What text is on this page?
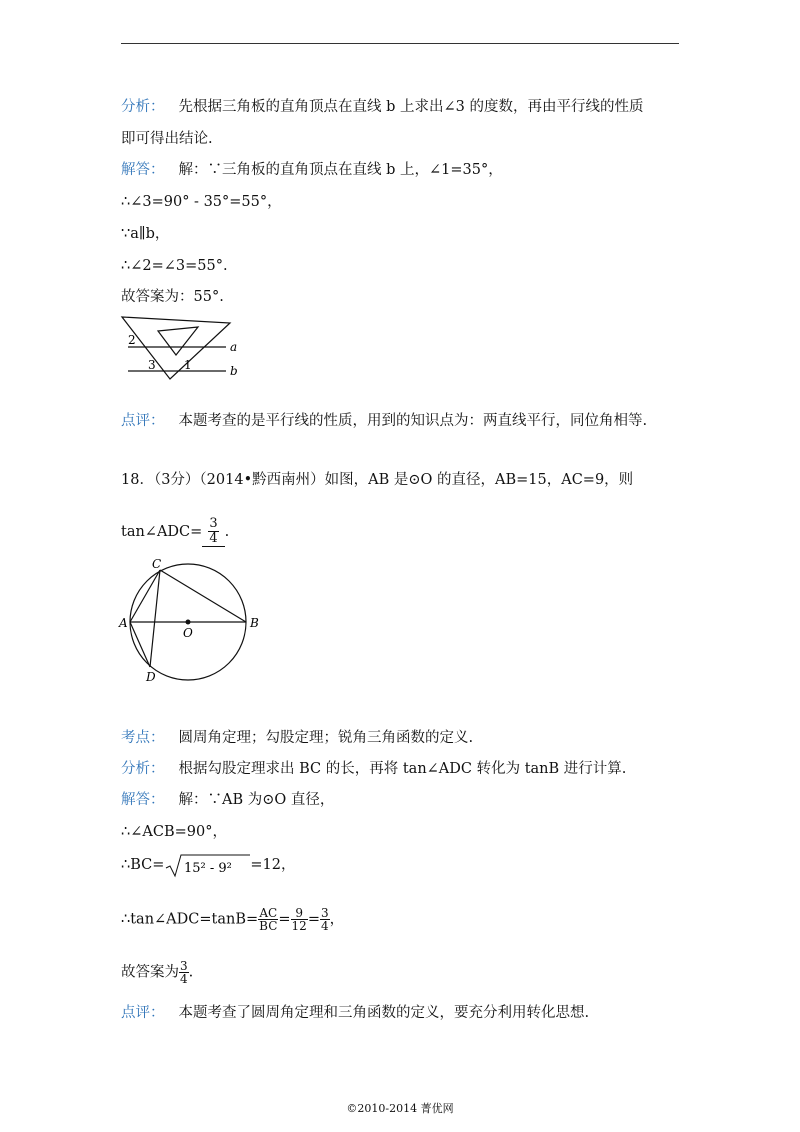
分析： 先根据三角板的直角顶点在直线 b 上求出∠3 的度数，再由平行线的性质
即可得出结论.
解答： 解：∵三角板的直角顶点在直线 b 上，∠1=35°，
∴∠3=90° - 35°=55°，
∵a∥b，
∴∠2=∠3=55°.
故答案为：55°.
2
3 1
a
b
点评： 本题考查的是平行线的性质，用到的知识点为：两直线平行，同位角相等.
18．（3分）（2014•黔西南州）如图，AB 是⊙O 的直径，AB=15，AC=9，则
tan∠ADC= $\frac{3}{4}$ .
C
A
O
B
D
考点： 圆周角定理；勾股定理；锐角三角函数的定义.
分析： 根据勾股定理求出 BC 的长，再将 tan∠ADC 转化为 tanB 进行计算.
解答： 解：∵AB 为⊙O 直径，
∴∠ACB=90°，
∴BC= 15² - 9² =12，
∴tan∠ADC=tanB= $\frac{AC}{BC} = \frac{9}{12} = \frac{3}{4}$ ，
故答案为 $\frac{3}{4}$ .
点评： 本题考查了圆周角定理和三角函数的定义，要充分利用转化思想.
©2010-2014 菁优网
